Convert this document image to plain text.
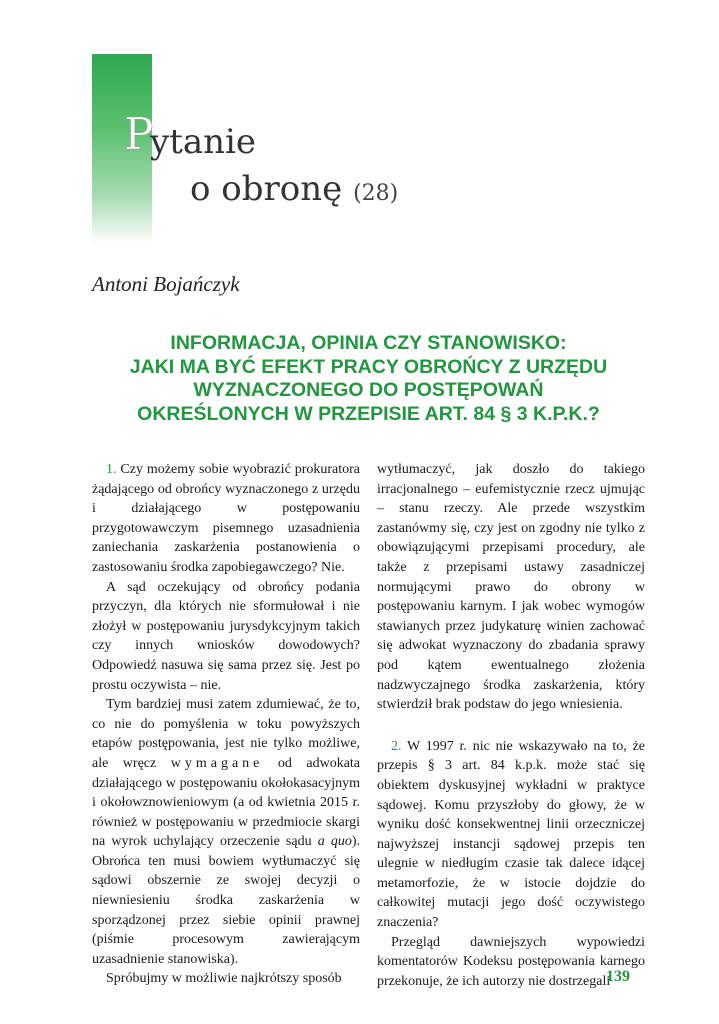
P
ytanie
o obronę (28)
Antoni Bojańczyk
INFORMACJA, OPINIA CZY STANOWISKO:
JAKI MA BYĆ EFEKT PRACY OBROŃCY Z URZĘDU
WYZNACZONEGO DO POSTĘPOWAŃ
OKREŚLONYCH W PRZEPISIE ART. 84 § 3 K.P.K.?

1. Czy możemy sobie wyobrazić prokuratora żądającego od obrońcy wyznaczonego z urzędu i działającego w postępowaniu przygotowawczym pisemnego uzasadnienia zaniechania zaskarżenia postanowienia o zastosowaniu środka zapobiegawczego? Nie.

A sąd oczekujący od obrońcy podania przyczyn, dla których nie sformułował i nie złożył w postępowaniu jurysdykcyjnym takich czy innych wniosków dowodowych? Odpowiedź nasuwa się sama przez się. Jest po prostu oczywista – nie.

Tym bardziej musi zatem zdumiewać, że to, co nie do pomyślenia w toku powyższych etapów postępowania, jest nie tylko możliwe, ale wręcz wymagane od adwokata działającego w postępowaniu okołokasacyjnym i okołowznowieniowym (a od kwietnia 2015 r. również w postępowaniu w przedmiocie skargi na wyrok uchylający orzeczenie sądu a quo). Obrońca ten musi bowiem wytłumaczyć się sądowi obszernie ze swojej decyzji o niewniesieniu środka zaskarżenia w sporządzonej przez siebie opinii prawnej (piśmie procesowym zawierającym uzasadnienie stanowiska).

Spróbujmy w możliwie najkrótszy sposób

wytłumaczyć, jak doszło do takiego irracjonalnego – eufemistycznie rzecz ujmując – stanu rzeczy. Ale przede wszystkim zastanówmy się, czy jest on zgodny nie tylko z obowiązującymi przepisami procedury, ale także z przepisami ustawy zasadniczej normującymi prawo do obrony w postępowaniu karnym. I jak wobec wymogów stawianych przez judykaturę winien zachować się adwokat wyznaczony do zbadania sprawy pod kątem ewentualnego złożenia nadzwyczajnego środka zaskarżenia, który stwierdził brak podstaw do jego wniesienia.

2. W 1997 r. nic nie wskazywało na to, że przepis § 3 art. 84 k.p.k. może stać się obiektem dyskusyjnej wykładni w praktyce sądowej. Komu przyszłoby do głowy, że w wyniku dość konsekwentnej linii orzeczniczej najwyższej instancji sądowej przepis ten ulegnie w niedługim czasie tak dalece idącej metamorfozie, że w istocie dojdzie do całkowitej mutacji jego dość oczywistego znaczenia?

Przegląd dawniejszych wypowiedzi komentatorów Kodeksu postępowania karnego przekonuje, że ich autorzy nie dostrzegali

139
